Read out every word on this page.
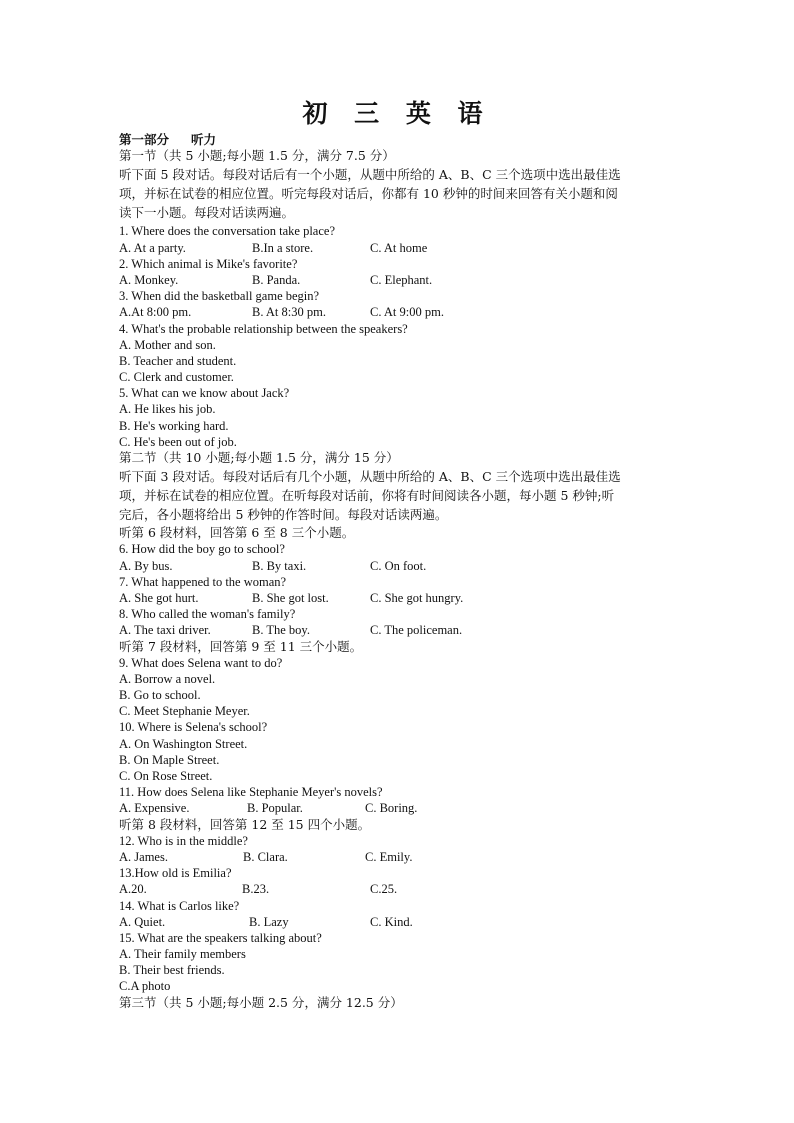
初 三 英 语
第一部分 听力
第一节（共 5 小题;每小题 1.5 分，满分 7.5 分）
听下面 5 段对话。每段对话后有一个小题，从题中所给的 A、B、C 三个选项中选出最佳选
项，并标在试卷的相应位置。听完每段对话后，你都有 10 秒钟的时间来回答有关小题和阅
读下一小题。每段对话读两遍。
1. Where does the conversation take place?
A. At a party.	B.In a store.	C. At home
2. Which animal is Mike's favorite?
A. Monkey.	B. Panda.	C. Elephant.
3. When did the basketball game begin?
A.At 8:00 pm.	B. At 8:30 pm.	C. At 9:00 pm.
4. What's the probable relationship between the speakers?
A. Mother and son.
B. Teacher and student.
C. Clerk and customer.
5. What can we know about Jack?
A. He likes his job.
B. He's working hard.
C. He's been out of job.
第二节（共 10 小题;每小题 1.5 分，满分 15 分）
听下面 3 段对话。每段对话后有几个小题，从题中所给的 A、B、C 三个选项中选出最佳选
项，并标在试卷的相应位置。在听每段对话前，你将有时间阅读各小题，每小题 5 秒钟;听
完后，各小题将给出 5 秒钟的作答时间。每段对话读两遍。
听第 6 段材料，回答第 6 至 8 三个小题。
6. How did the boy go to school?
A. By bus.	B. By taxi.	C. On foot.
7. What happened to the woman?
A. She got hurt.	B. She got lost.	C. She got hungry.
8. Who called the woman's family?
A. The taxi driver.	B. The boy.	C. The policeman.
听第 7 段材料，回答第 9 至 11 三个小题。
9. What does Selena want to do?
A. Borrow a novel.
B. Go to school.
C. Meet Stephanie Meyer.
10. Where is Selena's school?
A. On Washington Street.
B. On Maple Street.
C. On Rose Street.
11. How does Selena like Stephanie Meyer's novels?
A. Expensive.	B. Popular.	C. Boring.
听第 8 段材料，回答第 12 至 15 四个小题。
12. Who is in the middle?
A. James.	B. Clara.	C. Emily.
13.How old is Emilia?
A.20.	B.23.	C.25.
14. What is Carlos like?
A. Quiet.	B. Lazy	C. Kind.
15. What are the speakers talking about?
A. Their family members
B. Their best friends.
C.A photo
第三节（共 5 小题;每小题 2.5 分，满分 12.5 分）
